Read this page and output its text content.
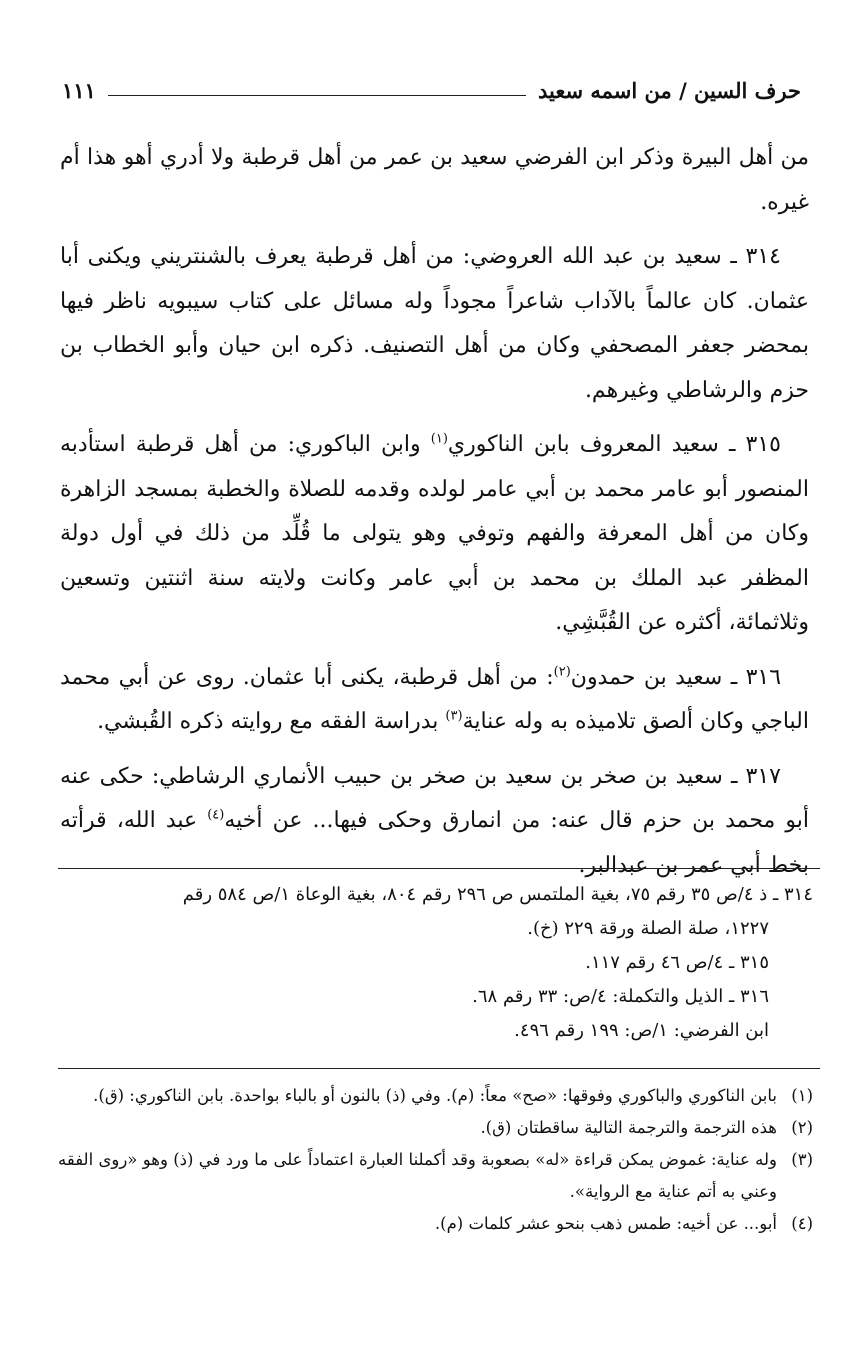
حرف السين / من اسمه سعيد
١١١

من أهل البيرة وذكر ابن الفرضي سعيد بن عمر من أهل قرطبة ولا أدري أهو هذا أم غيره.

٣١٤ ـ سعيد بن عبد الله العروضي: من أهل قرطبة يعرف بالشنتريني ويكنى أبا عثمان. كان عالماً بالآداب شاعراً مجوداً وله مسائل على كتاب سيبويه ناظر فيها بمحضر جعفر المصحفي وكان من أهل التصنيف. ذكره ابن حيان وأبو الخطاب بن حزم والرشاطي وغيرهم.

٣١٥ ـ سعيد المعروف بابن الناكوري$^{(١)}$ وابن الباكوري: من أهل قرطبة استأدبه المنصور أبو عامر محمد بن أبي عامر لولده وقدمه للصلاة والخطبة بمسجد الزاهرة وكان من أهل المعرفة والفهم وتوفي وهو يتولى ما قُلِّد من ذلك في أول دولة المظفر عبد الملك بن محمد بن أبي عامر وكانت ولايته سنة اثنتين وتسعين وثلاثمائة، أكثره عن القُبَّشِي.

٣١٦ ـ سعيد بن حمدون$^{(٢)}$: من أهل قرطبة، يكنى أبا عثمان. روى عن أبي محمد الباجي وكان ألصق تلاميذه به وله عناية$^{(٣)}$ بدراسة الفقه مع روايته ذكره القُبشي.

٣١٧ ـ سعيد بن صخر بن سعيد بن صخر بن حبيب الأنماري الرشاطي: حكى عنه أبو محمد بن حزم قال عنه: من انمارق وحكى فيها... عن أخيه$^{(٤)}$ عبد الله، قرأته بخط أبي عمر بن عبدالبر.

٣١٤ ـ ذ ٤/ص ٣٥ رقم ٧٥، بغية الملتمس ص ٢٩٦ رقم ٨٠٤، بغية الوعاة ١/ص ٥٨٤ رقم

١٢٢٧، صلة الصلة ورقة ٢٢٩ (خ).

٣١٥ ـ ٤/ص ٤٦ رقم ١١٧.

٣١٦ ـ الذيل والتكملة: ٤/ص: ٣٣ رقم ٦٨.

ابن الفرضي: ١/ص: ١٩٩ رقم ٤٩٦.

(١)
بابن الناكوري والباكوري وفوقها: «صح» معاً: (م). وفي (ذ) بالنون أو بالباء بواحدة. بابن الناكوري: (ق).
(٢)
هذه الترجمة والترجمة التالية ساقطتان (ق).
(٣)
وله عناية: غموض يمكن قراءة «له» بصعوبة وقد أكملنا العبارة اعتماداً على ما ورد في (ذ) وهو «روى الفقه وعني به أتم عناية مع الرواية».
(٤)
أبو... عن أخيه: طمس ذهب بنحو عشر كلمات (م).
